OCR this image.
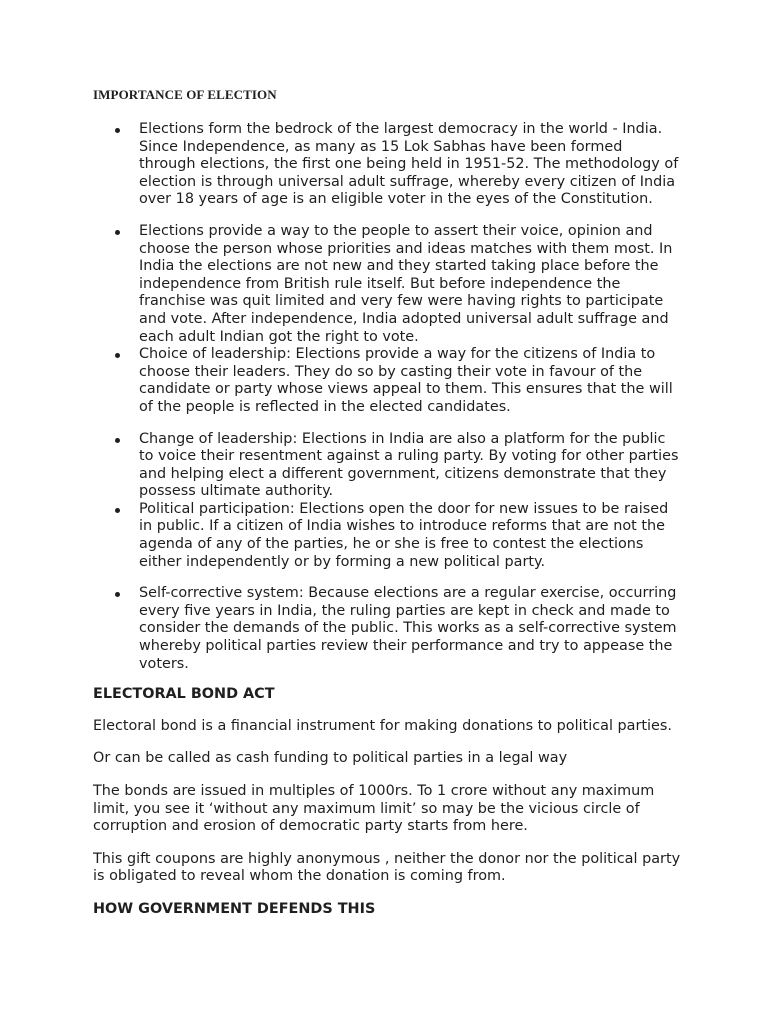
IMPORTANCE OF ELECTION
Elections form the bedrock of the largest democracy in the world - India. Since Independence, as many as 15 Lok Sabhas have been formed through elections, the first one being held in 1951-52. The methodology of election is through universal adult suffrage, whereby every citizen of India over 18 years of age is an eligible voter in the eyes of the Constitution.
Elections provide a way to the people to assert their voice, opinion and choose the person whose priorities and ideas matches with them most. In India the elections are not new and they started taking place before the independence from British rule itself. But before independence the franchise was quit limited and very few were having rights to participate and vote. After independence, India adopted universal adult suffrage and each adult Indian got the right to vote.
Choice of leadership: Elections provide a way for the citizens of India to choose their leaders. They do so by casting their vote in favour of the candidate or party whose views appeal to them. This ensures that the will of the people is reflected in the elected candidates.
Change of leadership: Elections in India are also a platform for the public to voice their resentment against a ruling party. By voting for other parties and helping elect a different government, citizens demonstrate that they possess ultimate authority.
Political participation: Elections open the door for new issues to be raised in public. If a citizen of India wishes to introduce reforms that are not the agenda of any of the parties, he or she is free to contest the elections either independently or by forming a new political party.
Self-corrective system: Because elections are a regular exercise, occurring every five years in India, the ruling parties are kept in check and made to consider the demands of the public. This works as a self-corrective system whereby political parties review their performance and try to appease the voters.
ELECTORAL BOND ACT

Electoral bond is a financial instrument for making donations to political parties.

Or can be called as cash funding to political parties in a legal way

The bonds are issued in multiples of 1000rs. To 1 crore without any maximum limit, you see it ‘without any maximum limit’ so may be the vicious circle of corruption and erosion of democratic party starts from here.

This gift coupons are highly anonymous , neither the donor nor the political party is obligated to reveal whom the donation is coming from.

HOW GOVERNMENT DEFENDS THIS
